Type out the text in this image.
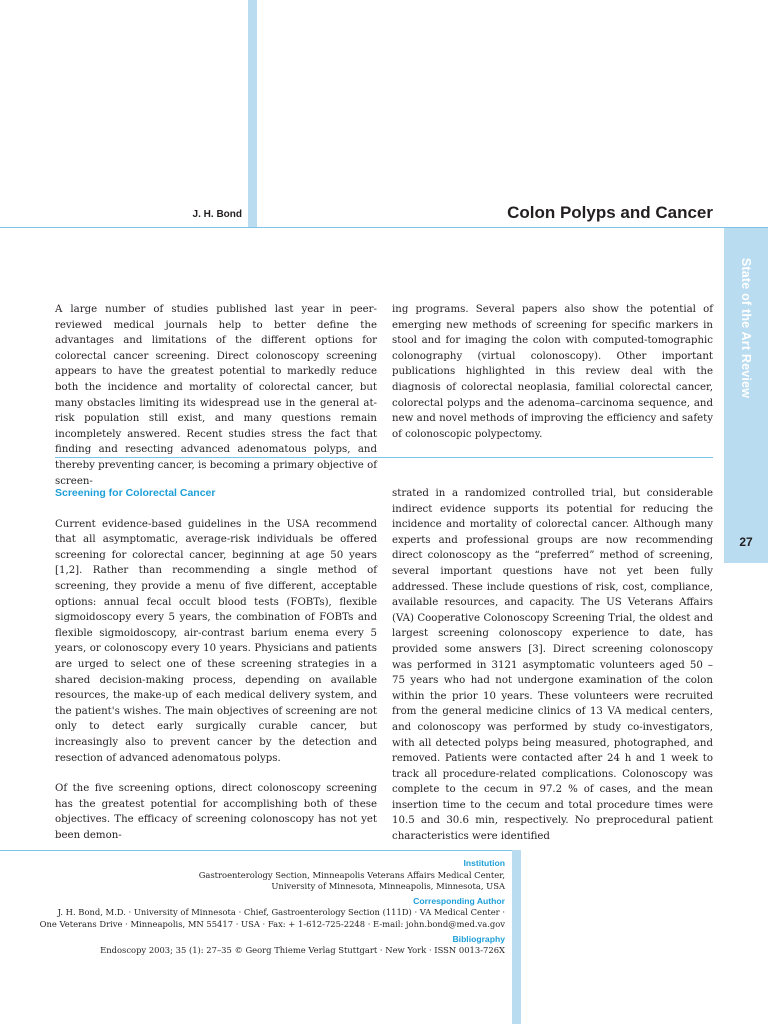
State of the Art Review
27
J. H. Bond	Colon Polyps and Cancer
A large number of studies published last year in peer-reviewed medical journals help to better define the advantages and limitations of the different options for colorectal cancer screening. Direct colonoscopy screening appears to have the greatest potential to markedly reduce both the incidence and mortality of colorectal cancer, but many obstacles limiting its widespread use in the general at-risk population still exist, and many questions remain incompletely answered. Recent studies stress the fact that finding and resecting advanced adenomatous polyps, and thereby preventing cancer, is becoming a primary objective of screen-
ing programs. Several papers also show the potential of emerging new methods of screening for specific markers in stool and for imaging the colon with computed-tomographic colonography (virtual colonoscopy). Other important publications highlighted in this review deal with the diagnosis of colorectal neoplasia, familial colorectal cancer, colorectal polyps and the adenoma–carcinoma sequence, and new and novel methods of improving the efficiency and safety of colonoscopic polypectomy.
Screening for Colorectal Cancer
Current evidence-based guidelines in the USA recommend that all asymptomatic, average-risk individuals be offered screening for colorectal cancer, beginning at age 50 years [1,2]. Rather than recommending a single method of screening, they provide a menu of five different, acceptable options: annual fecal occult blood tests (FOBTs), flexible sigmoidoscopy every 5 years, the combination of FOBTs and flexible sigmoidoscopy, air-contrast barium enema every 5 years, or colonoscopy every 10 years. Physicians and patients are urged to select one of these screening strategies in a shared decision-making process, depending on available resources, the make-up of each medical delivery system, and the patient's wishes. The main objectives of screening are not only to detect early surgically curable cancer, but increasingly also to prevent cancer by the detection and resection of advanced adenomatous polyps.
Of the five screening options, direct colonoscopy screening has the greatest potential for accomplishing both of these objectives. The efficacy of screening colonoscopy has not yet been demon-
strated in a randomized controlled trial, but considerable indirect evidence supports its potential for reducing the incidence and mortality of colorectal cancer. Although many experts and professional groups are now recommending direct colonoscopy as the “preferred” method of screening, several important questions have not yet been fully addressed. These include questions of risk, cost, compliance, available resources, and capacity. The US Veterans Affairs (VA) Cooperative Colonoscopy Screening Trial, the oldest and largest screening colonoscopy experience to date, has provided some answers [3]. Direct screening colonoscopy was performed in 3121 asymptomatic volunteers aged 50 – 75 years who had not undergone examination of the colon within the prior 10 years. These volunteers were recruited from the general medicine clinics of 13 VA medical centers, and colonoscopy was performed by study co-investigators, with all detected polyps being measured, photographed, and removed. Patients were contacted after 24 h and 1 week to track all procedure-related complications. Colonoscopy was complete to the cecum in 97.2 % of cases, and the mean insertion time to the cecum and total procedure times were 10.5 and 30.6 min, respectively. No preprocedural patient characteristics were identified
Institution
Gastroenterology Section, Minneapolis Veterans Affairs Medical Center,
University of Minnesota, Minneapolis, Minnesota, USA
Corresponding Author
J. H. Bond, M.D. · University of Minnesota · Chief, Gastroenterology Section (111D) · VA Medical Center ·
One Veterans Drive · Minneapolis, MN 55417 · USA · Fax: + 1-612-725-2248 · E-mail: john.bond@med.va.gov
Bibliography
Endoscopy 2003; 35 (1): 27–35 © Georg Thieme Verlag Stuttgart · New York · ISSN 0013-726X
